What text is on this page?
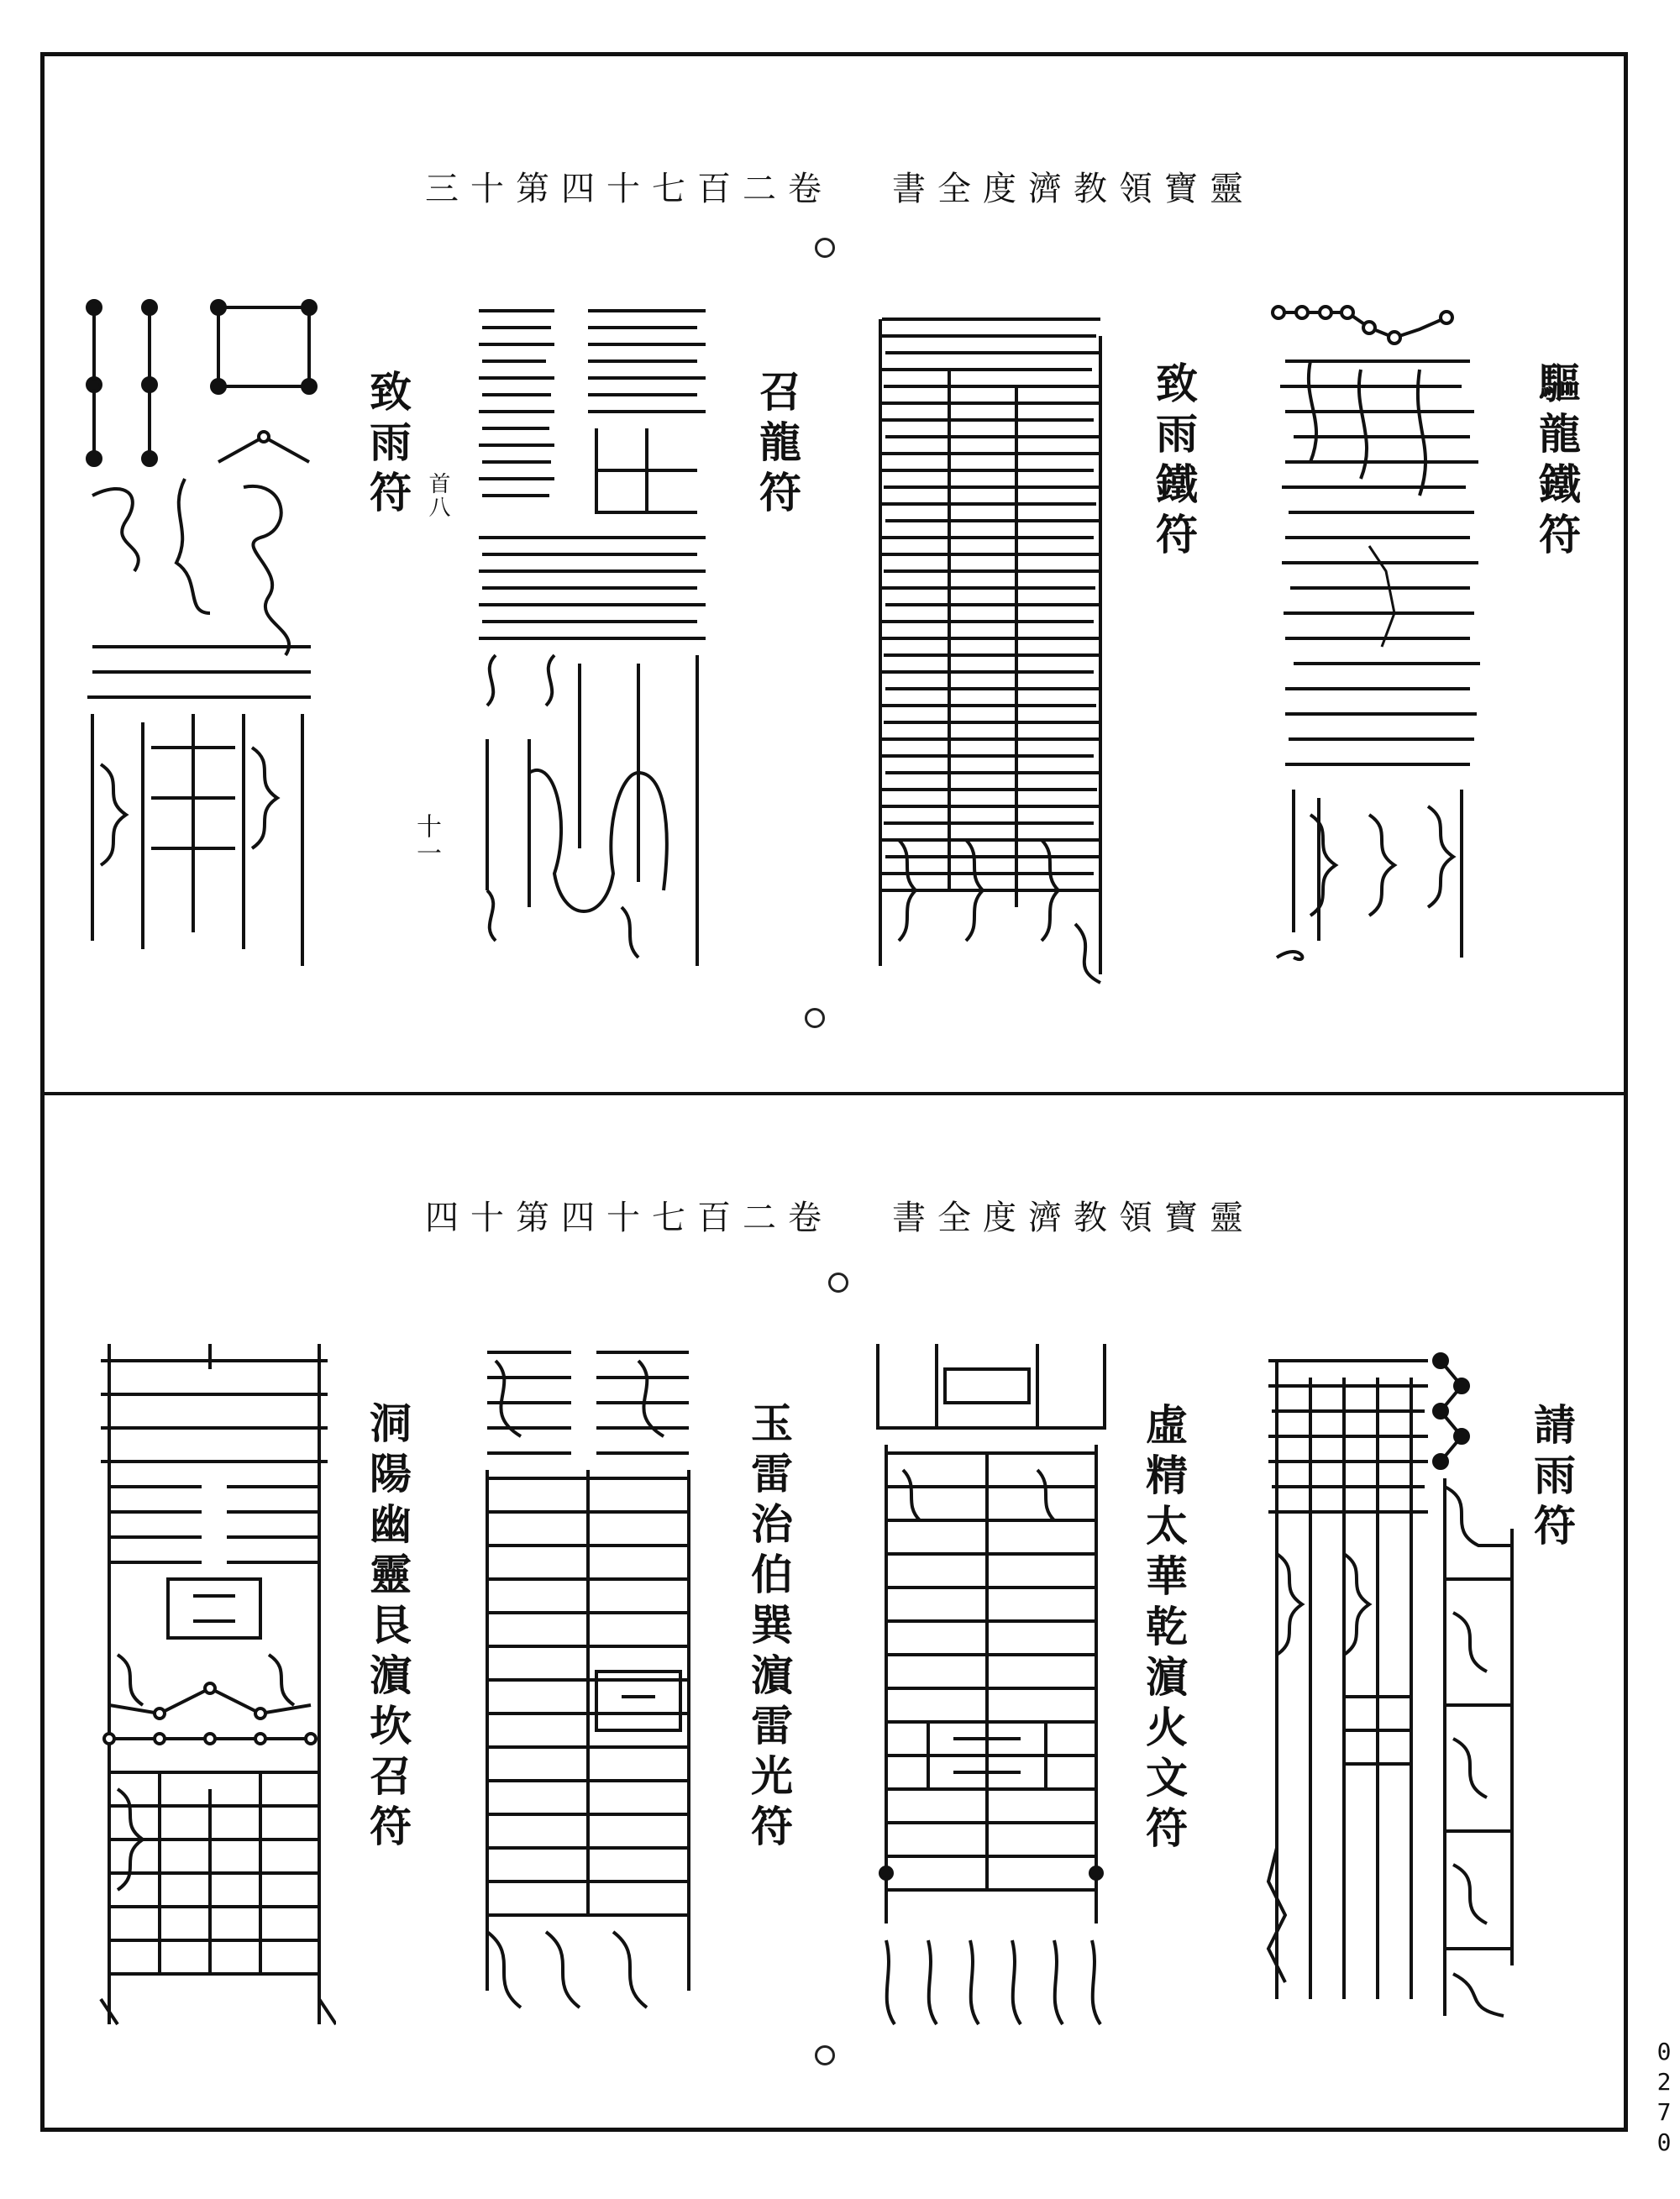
三十第四十七百二卷 書全度濟教領寶靈
驅龍鐵符
致雨鐵符
召龍符
致雨符 首八
十一
四十第四十七百二卷 書全度濟教領寶靈
請雨符
虛精太華乾濵火文符
玉雷治伯巽濵雷光符
洞陽幽靈艮濵坎召符
0270
